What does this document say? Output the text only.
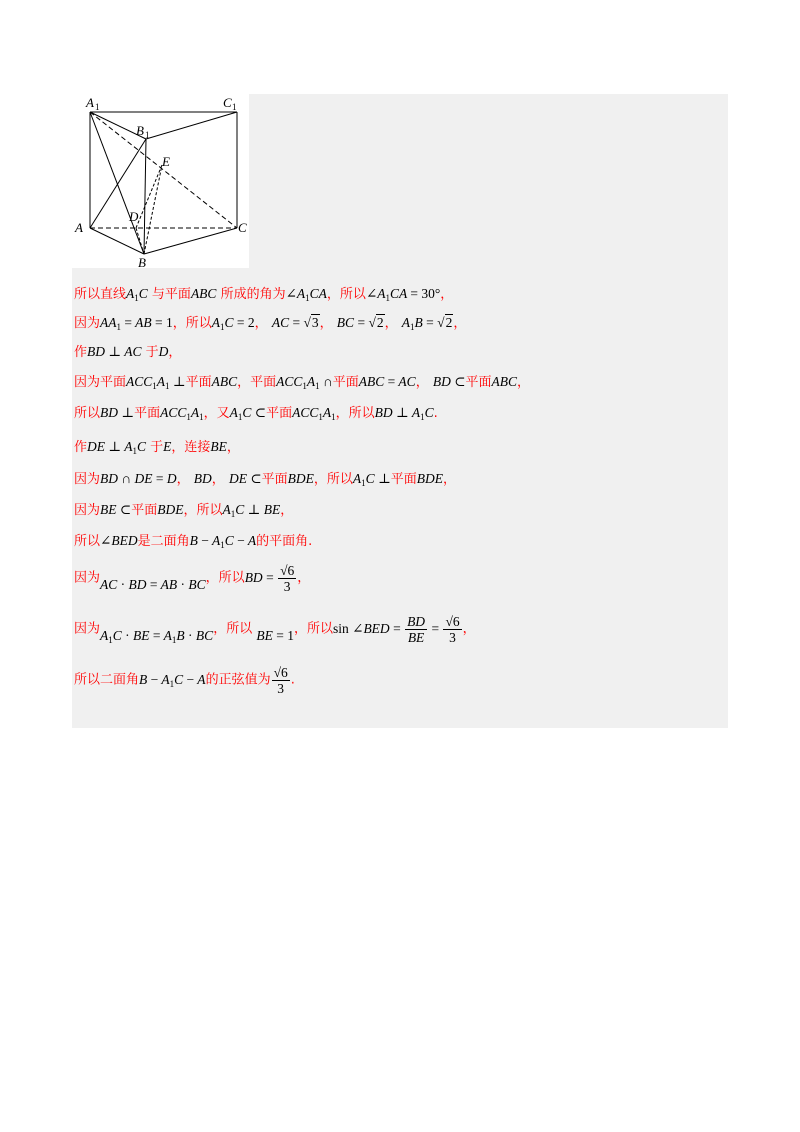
A 1	C 1
B 1
E
D
A	C
B

所以直线$A_1C$ 与平面ABC 所成的角为$\angle A_1CA$，所以$\angle A_1CA = 30^\circ$，

因为$AA_1$ = AB = 1，所以$A_1C = 2$， AC = √3， BC = √2， $A_1B = √2$，

作BD ⊥ AC 于D，

因为平面$ACC_1A_1$ ⊥平面ABC，平面$ACC_1A_1$ ∩平面ABC = AC， BD ⊂平面ABC，

所以BD ⊥平面$ACC_1A_1$，又$A_1C$ ⊂平面$ACC_1A_1$，所以BD ⊥ $A_1C$.

作DE ⊥ $A_1C$ 于E，连接BE，

因为BD ∩ DE = D， BD， DE ⊂平面BDE，所以$A_1C$ ⊥平面BDE，

因为BE ⊂平面BDE，所以$A_1C$ ⊥ BE，

所以∠BED是二面角$B - A_1C - A$的平面角.

因为AC · BD = AB · BC，所以BD = $\frac{√6}{3}$ ，

因为$A_1C$ · BE = $A_1B$ · BC，所以 BE = 1，所以sin ∠BED = $\frac{BD}{BE} = \frac{√6}{3}$ ，

所以二面角$B - A_1C - A$的正弦值为 $\frac{√6}{3}$ .
